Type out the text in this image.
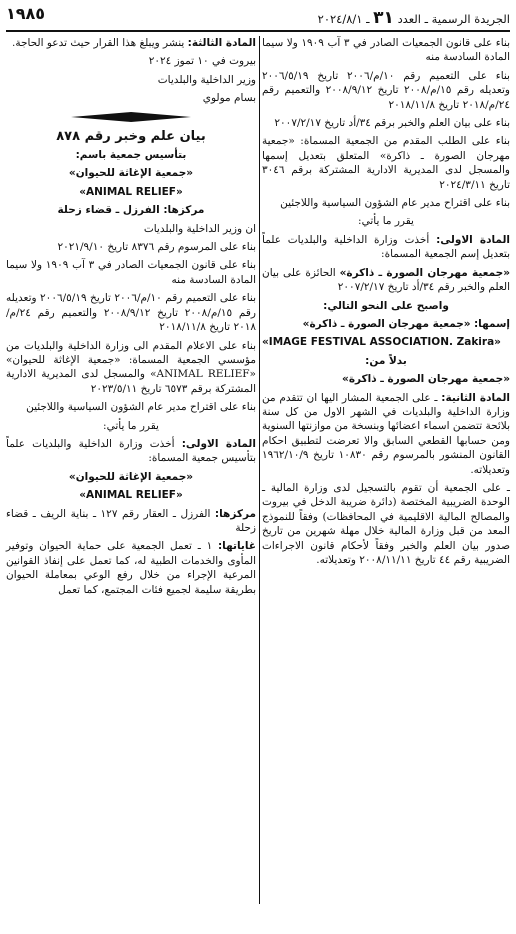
١٩٨٥	الجريدة الرسمية ـ العدد ٣١ ـ ٢٠٢٤/٨/١

بناء على قانون الجمعيات الصادر في ٣ آب ١٩٠٩ ولا سيما المادة السادسة منه

بناء على التعميم رقم ١٠/م/٢٠٠٦ تاريخ ٢٠٠٦/٥/١٩ وتعديله رقم ١٥/م/٢٠٠٨ تاريخ ٢٠٠٨/٩/١٢ والتعميم رقم ٢٤/م/٢٠١٨ تاريخ ٢٠١٨/١١/٨

بناء على بيان العلم والخبر برقم ٣٤/أد تاريخ ٢٠٠٧/٢/١٧

بناء على الطلب المقدم من الجمعية المسماة: «جمعية مهرجان الصورة ـ ذاكرة» المتعلق بتعديل إسمها والمسجل لدى المديرية الادارية المشتركة برقم ٣٠٤٦ تاريخ ٢٠٢٤/٣/١١

بناء على اقتراح مدير عام الشؤون السياسية واللاجئين

يقرر ما يأتي:

المادة الاولى: أخذت وزارة الداخلية والبلديات علماً بتعديل إسم الجمعية المسماة:

«جمعية مهرجان الصورة ـ ذاكرة» الحائزة على بيان العلم والخبر رقم ٣٤/أد تاريخ ٢٠٠٧/٢/١٧

واصبح على النحو التالي:

إسمها: «جمعية مهرجان الصورة ـ ذاكرة»

«IMAGE FESTIVAL ASSOCIATION. Zakira»

بدلاً من:

«جمعية مهرجان الصورة ـ ذاكرة»

المادة الثانية: ـ على الجمعية المشار اليها ان تتقدم من وزارة الداخلية والبلديات في الشهر الاول من كل سنة بلائحة تتضمن اسماء اعضائها وبنسخة من موازنتها السنوية ومن حسابها القطعي السابق والا تعرضت لتطبيق احكام القانون المنشور بالمرسوم رقم ١٠٨٣٠ تاريخ ١٩٦٢/١٠/٩ وتعديلاته.

ـ على الجمعية أن تقوم بالتسجيل لدى وزارة المالية ـ الوحدة الضريبية المختصة (دائرة ضريبة الدخل في بيروت والمصالح المالية الاقليمية في المحافظات) وفقاً للنموذج المعد من قبل وزارة المالية خلال مهلة شهرين من تاريخ صدور بيان العلم والخبر وفقاً لأحكام قانون الاجراءات الضريبية رقم ٤٤ تاريخ ٢٠٠٨/١١/١١ وتعديلاته.

المادة الثالثة: ينشر ويبلغ هذا القرار حيث تدعو الحاجة.

بيروت في ١٠ تموز ٢٠٢٤

وزير الداخلية والبلديات

بسام مولوي

بيان علم وخبر رقم ٨٧٨

بتأسيس جمعية باسم:

«جمعية الإغاثة للحيوان»

«ANIMAL RELIEF»

مركزها: الفرزل ـ قضاء زحلة

ان وزير الداخلية والبلديات

بناء على المرسوم رقم ٨٣٧٦ تاريخ ٢٠٢١/٩/١٠

بناء على قانون الجمعيات الصادر في ٣ آب ١٩٠٩ ولا سيما المادة السادسة منه

بناء على التعميم رقم ١٠/م/٢٠٠٦ تاريخ ٢٠٠٦/٥/١٩ وتعديله رقم ١٥/م/٢٠٠٨ تاريخ ٢٠٠٨/٩/١٢ والتعميم رقم ٢٤/م/٢٠١٨ تاريخ ٢٠١٨/١١/٨

بناء على الاعلام المقدم الى وزارة الداخلية والبلديات من مؤسسي الجمعية المسماة: «جمعية الإغاثة للحيوان» «ANIMAL RELIEF» والمسجل لدى المديرية الادارية المشتركة برقم ٦٥٧٣ تاريخ ٢٠٢٣/٥/١١

بناء على اقتراح مدير عام الشؤون السياسية واللاجئين

يقرر ما يأتي:

المادة الاولى: أخذت وزارة الداخلية والبلديات علماً بتأسيس جمعية المسماة:

«جمعية الإغاثة للحيوان»

«ANIMAL RELIEF»

مركزها: الفرزل ـ العقار رقم ١٢٧ ـ بناية الريف ـ قضاء زحلة

غاياتها: ١ ـ تعمل الجمعية على حماية الحيوان وتوفير المأوى والخدمات الطبية له، كما تعمل على إنفاذ القوانين المرعية الإجراء من خلال رفع الوعي بمعاملة الحيوان بطريقة سليمة لجميع فئات المجتمع، كما تعمل
